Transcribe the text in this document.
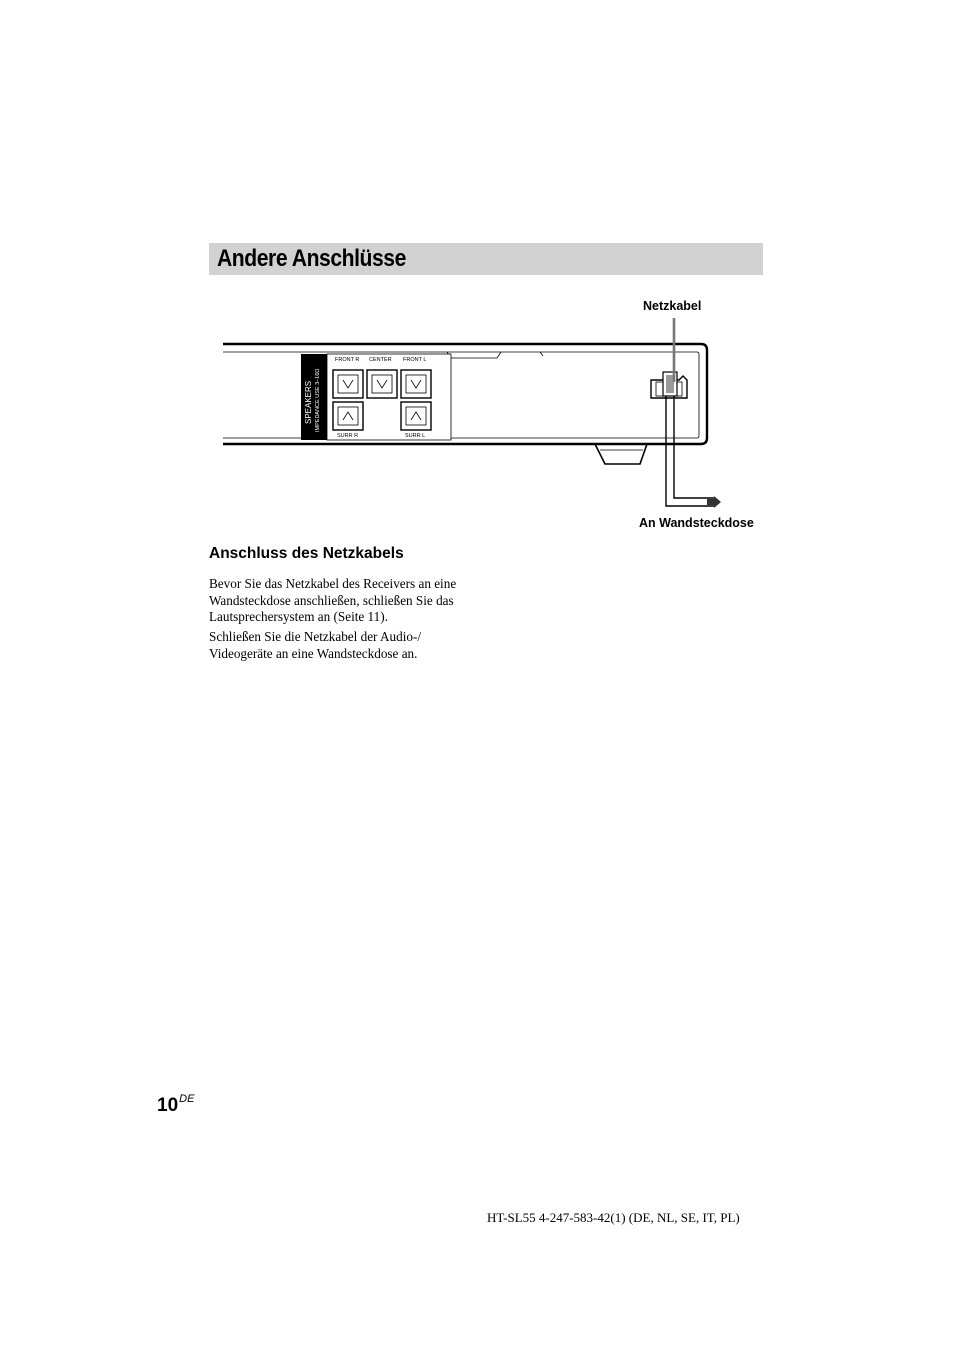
Andere Anschlüsse
FRONT R CENTER FRONT L
SURR R	SURR L
SPEAKERS IMPEDANCE USE 3–16Ω
Netzkabel
An Wandsteckdose
Anschluss des Netzkabels

Bevor Sie das Netzkabel des Receivers an eine Wandsteckdose anschließen, schließen Sie das Lautsprechersystem an (Seite 11).

Schließen Sie die Netzkabel der Audio-/ Videogeräte an eine Wandsteckdose an.

10DE
HT-SL55 4-247-583-42(1) (DE, NL, SE, IT, PL)
